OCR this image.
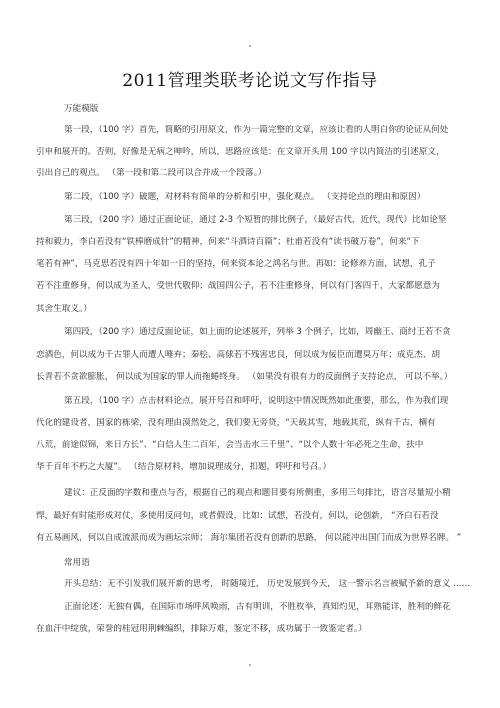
2011管理类联考论说文写作指导
万能模版
第一段，（100 字）首先，简略的引用原文，作为一篇完整的文章，应该让看的人明白你的论证从何处
引申和展开的。否则，好像是无病之呻吟，所以，思路应该是：在文章开头用 100 字以内简洁的引述原文，
引出自己的观点。 （第一段和第二段可以合并成一个段落。）
第二段，（100 字）破题，对材料有简单的分析和引申，强化观点。 （支持论点的理由和原因）
第三段，（200 字）通过正面论证，通过 2-3 个短暂的排比例子，（最好古代，近代，现代）比如论坚
持和毅力，李白若没有“铁棒磨成针”的精神，何来“斗酒诗百篇”；杜甫若没有“读书破万卷”，何来“下
笔若有神”，马克思若没有四十年如一日的坚持，何来资本论之鸿名与世。再如：论修养方面，试想，孔子
若不注重修身，何以成为圣人，受世代敬仰；战国四公子，若不注重修身，何以有门客四千，大家都愿意为
其舍生取义。）
第四段，（200 字）通过反面论证，如上面的论述展开，列举 3 个例子，比如，周幽王、商纣王若不贪
恋酒色，何以成为千古罪人而遭人唾弃；秦桧、高俅若不残害忠良，何以成为佞臣而遭臭万年；成克杰、胡
长青若不贪欲膨胀， 何以成为国家的罪人而拖蜷终身。 （如果没有很有力的反面例子支持论点， 可以不举。）
第五段，（100 字）点击材料论点，展开号召和呼吁，说明这中情况既然如此重要，那么，作为我们现
代化的建设者，国家的栋梁，没有理由漠然处之，我们要无旁贷，“天载其雪，地载其荒，纵有千古，横有
八荒，前途似锦，来日方长”、“白信人生二百年，会当击水三千里”、“以个人数十年必死之生命，扶中
华千百年不朽之大厦”。 （结合原材料，增加说理成分，扣题，呼吁和号召。）
建议：正反面的字数和重点与否，根据自己的观点和题目要有所侧重，多用三句排比，语言尽量短小精
悍，最好有时能形成对仗，多使用反问句，或者假设，比如：试想，若没有，何以，论创新， “齐白石若没
有五易画风，何以自成流派而成为画坛宗师； 海尔集团若没有创新的思路， 何以能冲出国门而成为世界名牌。 ”
常用语
开头总结：无不引发我们展开新的思考， 时随境迁， 历史发展到今天， 这一警示名言被赋予新的意义 ……
正面论述：无独有偶，在国际市场呼风唤雨，古有明训，不胜枚举，真知灼见，耳熟能详，胜利的鲜花
在血汗中绽放，荣誉的桂冠用荆棘编织，排除万难，鉴定不移，成功属于一致鉴定者。）
